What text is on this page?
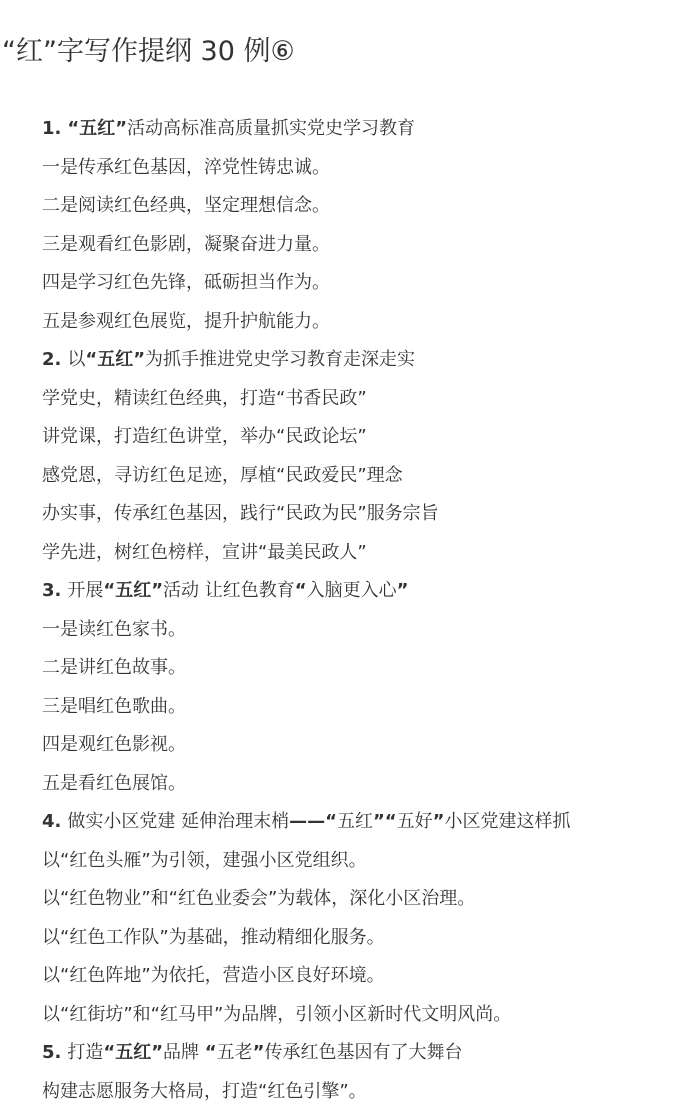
“红”字写作提纲 30 例⑥
1. “五红”活动高标准高质量抓实党史学习教育
一是传承红色基因，淬党性铸忠诚。
二是阅读红色经典，坚定理想信念。
三是观看红色影剧，凝聚奋进力量。
四是学习红色先锋，砥砺担当作为。
五是参观红色展览，提升护航能力。
2. 以“五红”为抓手推进党史学习教育走深走实
学党史，精读红色经典，打造“书香民政”
讲党课，打造红色讲堂，举办“民政论坛”
感党恩，寻访红色足迹，厚植“民政爱民”理念
办实事，传承红色基因，践行“民政为民”服务宗旨
学先进，树红色榜样，宣讲“最美民政人”
3. 开展“五红”活动 让红色教育“入脑更入心”
一是读红色家书。
二是讲红色故事。
三是唱红色歌曲。
四是观红色影视。
五是看红色展馆。
4. 做实小区党建 延伸治理末梢——“五红”“五好”小区党建这样抓
以“红色头雁”为引领，建强小区党组织。
以“红色物业”和“红色业委会”为载体，深化小区治理。
以“红色工作队”为基础，推动精细化服务。
以“红色阵地”为依托，营造小区良好环境。
以“红街坊”和“红马甲”为品牌，引领小区新时代文明风尚。
5. 打造“五红”品牌 “五老”传承红色基因有了大舞台
构建志愿服务大格局，打造“红色引擎”。
